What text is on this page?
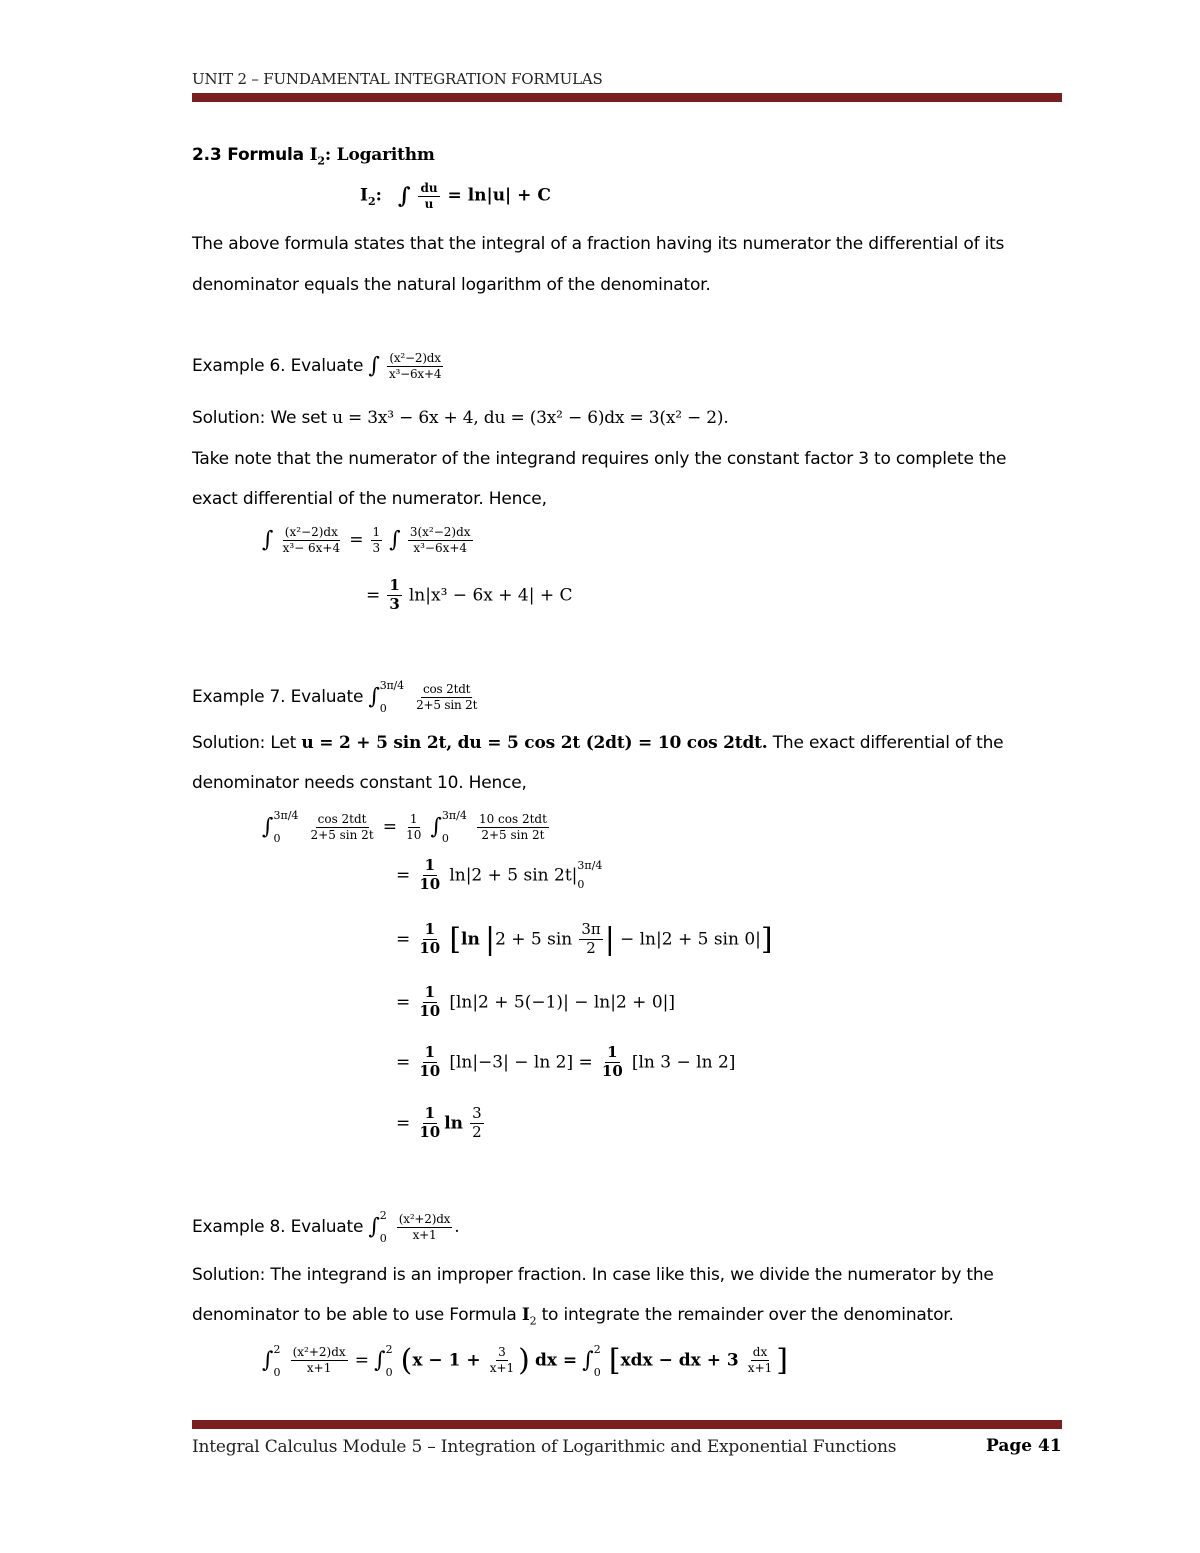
UNIT 2 – FUNDAMENTAL INTEGRATION FORMULAS
2.3 Formula $I_2$: Logarithm
$I_2$: ∫ $\frac{du}{u} = \ln|u| + C$
The above formula states that the integral of a fraction having its numerator the differential of its
denominator equals the natural logarithm of the denominator.
Example 6. Evaluate ∫ $\frac{\text{(x²−2)dx}}{\text{x³−6x+4}}$
Solution: We set u = 3x³ − 6x + 4, du = (3x² − 6)dx = 3(x² − 2).
Take note that the numerator of the integrand requires only the constant factor 3 to complete the
exact differential of the numerator. Hence,
∫ $\frac{\text{(x²−2)dx}}{\text{x³− 6x+4}} = \frac{1}{3}$ ∫ $\frac{\text{3(x²−2)dx}}{\text{x³−6x+4}}$
= $\frac{1}{3} \ln|x^3 - 6x + 4| + C$
Example 7. Evaluate ∫ 3π/4
0
	$\frac{\text{cos 2tdt}}{2+5 \sin 2t}$
Solution: Let u = 2 + 5 sin 2t, du = 5 cos 2t (2dt) = 10 cos 2tdt. The exact differential of the
denominator needs constant 10. Hence,
∫ 3π/4
0
	$\frac{\text{cos 2tdt}}{2+5 \sin 2t} = \frac{1}{10}$ ∫ 3π/4
0
	$\frac{\text{10 cos 2tdt}}{2+5 \sin 2t}$
= $\frac{1}{10} \ln|2 + 5$ sin 2t| 3π/4
0
= $\frac{1}{10} [\ln$ |2 + 5 $\sin \frac{3\pi}{2}$ | − ln|2 + 5 sin 0|]
= $\frac{1}{10} [\ln|2 + 5(-1)| - \ln|2 + 0|]$
= $\frac{1}{10} [\ln|-3| - \ln 2] = \frac{1}{10} [\ln$ 3 − ln 2]
= $\frac{1}{10}$ $\ln \frac{3}{2}$
Example 8. Evaluate ∫ 2
0
$\frac{\text{(x²+2)dx}}{x+1}$ .
Solution: The integrand is an improper fraction. In case like this, we divide the numerator by the
denominator to be able to use Formula $I_2$ to integrate the remainder over the denominator.
∫ 2
0
$\frac{\text{(x²+2)dx}}{x+1}$ = ∫ 2
0 ($x - 1 + \frac{3}{x+1}$ ) dx = ∫ 2
0 [xdx − dx + $3 \frac{dx}{x+1}$ ]
Integral Calculus Module 5 – Integration of Logarithmic and Exponential Functions	Page 41
